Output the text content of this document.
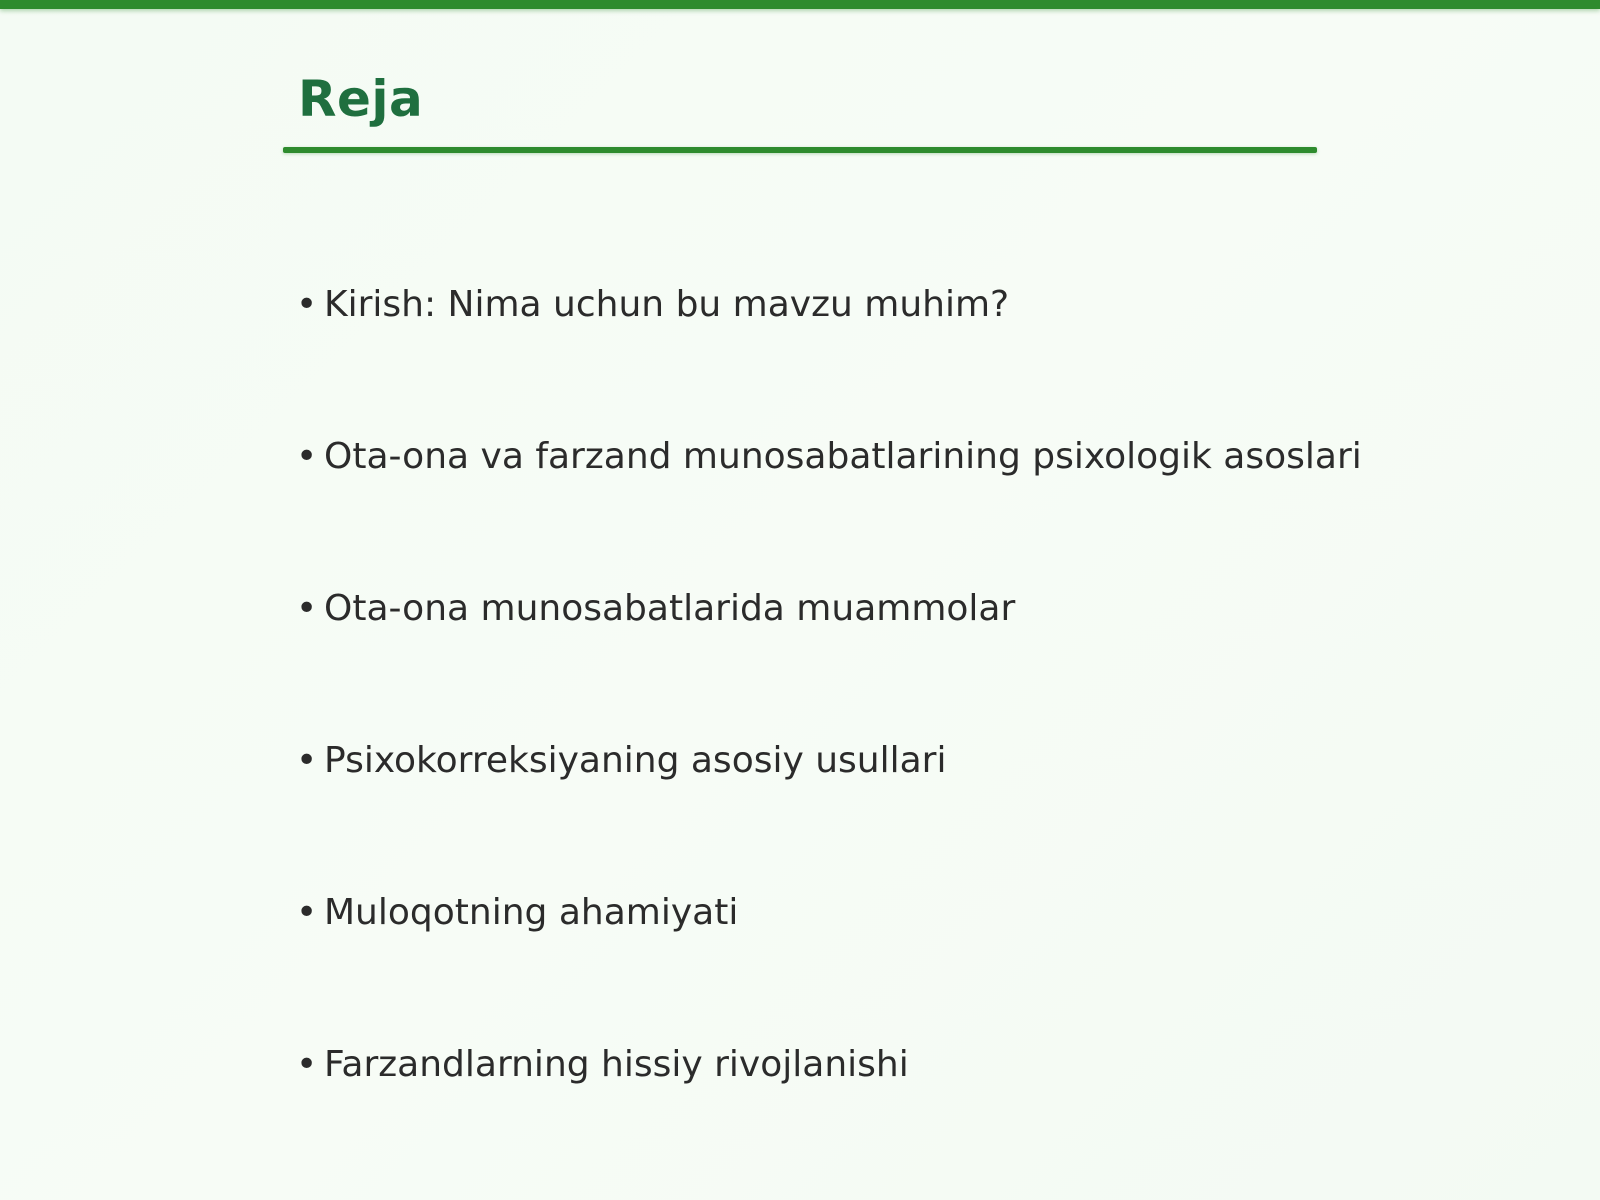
Reja
• Kirish: Nima uchun bu mavzu muhim?
• Ota-ona va farzand munosabatlarining psixologik asoslari
• Ota-ona munosabatlarida muammolar
• Psixokorreksiyaning asosiy usullari
• Muloqotning ahamiyati
• Farzandlarning hissiy rivojlanishi
